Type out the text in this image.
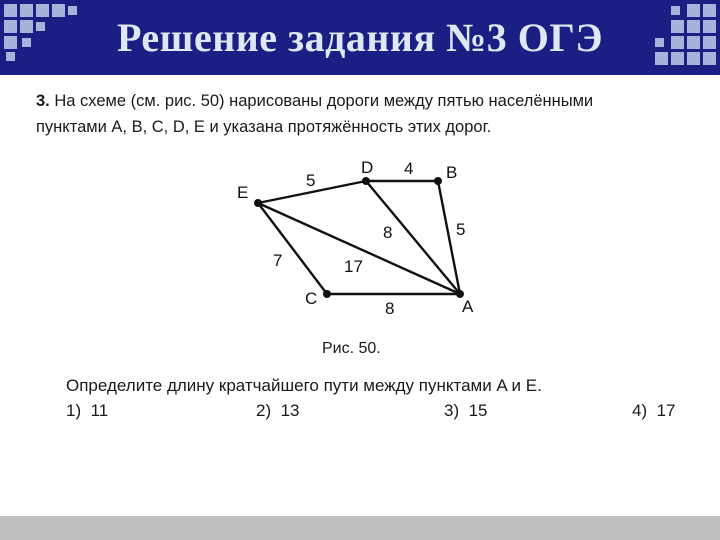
Решение задания №3 ОГЭ
3. На схеме (см. рис. 50) нарисованы дороги между пятью населёнными
пунктами A, B, C, D, E и указана протяжённость этих дорог.
E
D	B
A
C
5
4
5
8
17
7
8
Рис. 50.
Определите длину кратчайшего пути между пунктами A и E.
1) 11	2) 13	3) 15	4) 17
